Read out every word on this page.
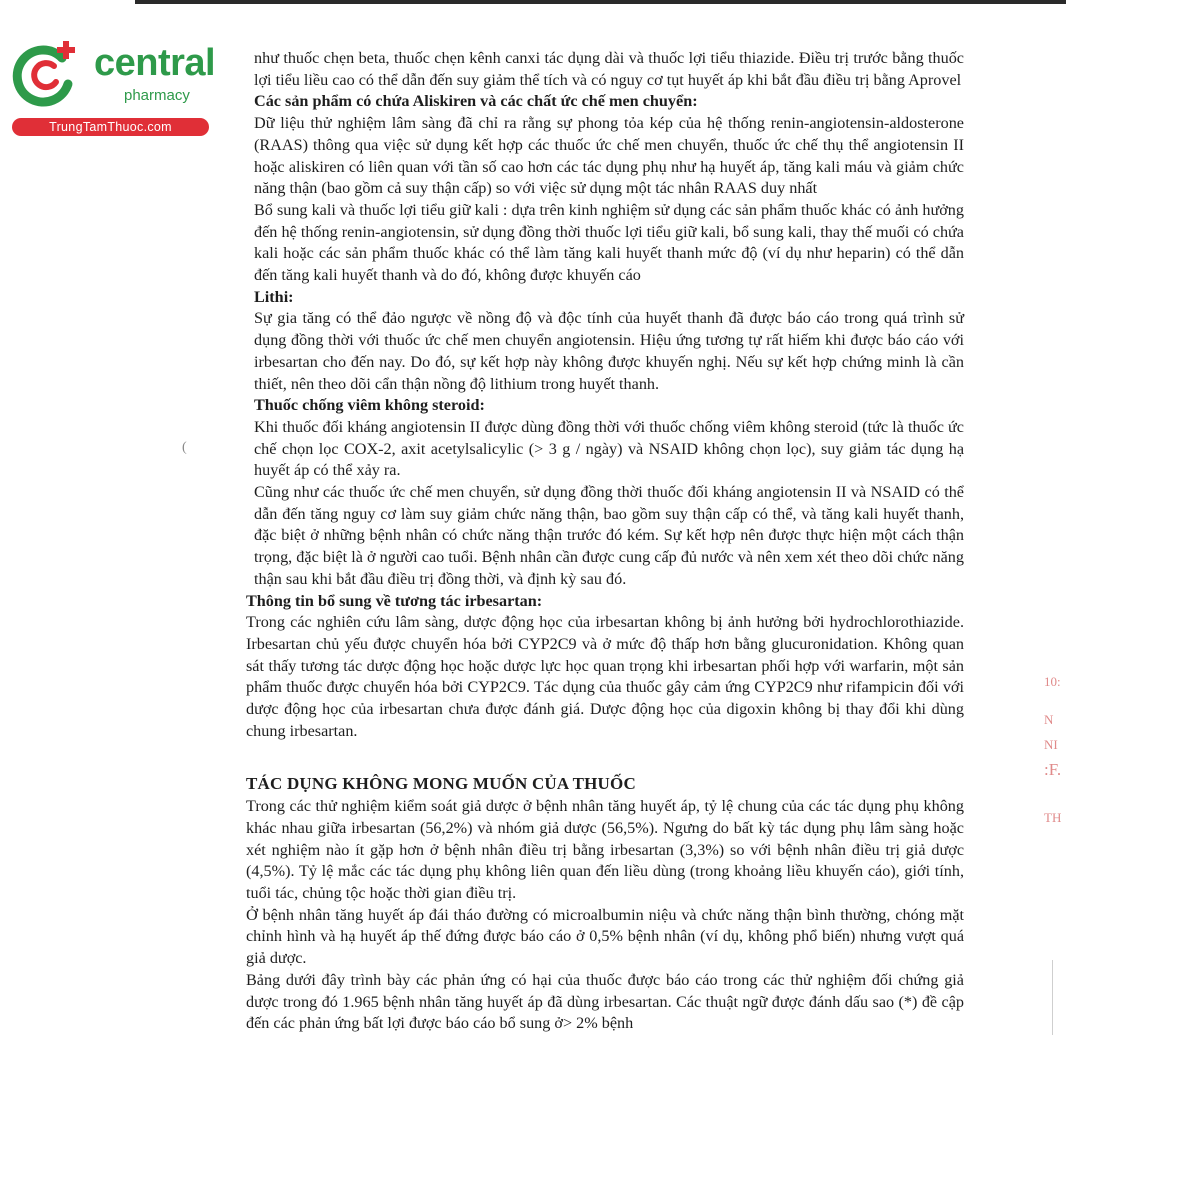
central
pharmacy
TrungTamThuoc.com

như thuốc chẹn beta, thuốc chẹn kênh canxi tác dụng dài và thuốc lợi tiểu thiazide. Điều trị trước bằng thuốc lợi tiểu liều cao có thể dẫn đến suy giảm thể tích và có nguy cơ tụt huyết áp khi bắt đầu điều trị bằng Aprovel

Các sản phẩm có chứa Aliskiren và các chất ức chế men chuyển:

Dữ liệu thử nghiệm lâm sàng đã chỉ ra rằng sự phong tỏa kép của hệ thống renin-angiotensin-aldosterone (RAAS) thông qua việc sử dụng kết hợp các thuốc ức chế men chuyển, thuốc ức chế thụ thể angiotensin II hoặc aliskiren có liên quan với tần số cao hơn các tác dụng phụ như hạ huyết áp, tăng kali máu và giảm chức năng thận (bao gồm cả suy thận cấp) so với việc sử dụng một tác nhân RAAS duy nhất

Bổ sung kali và thuốc lợi tiểu giữ kali : dựa trên kinh nghiệm sử dụng các sản phẩm thuốc khác có ảnh hưởng đến hệ thống renin-angiotensin, sử dụng đồng thời thuốc lợi tiểu giữ kali, bổ sung kali, thay thế muối có chứa kali hoặc các sản phẩm thuốc khác có thể làm tăng kali huyết thanh mức độ (ví dụ như heparin) có thể dẫn đến tăng kali huyết thanh và do đó, không được khuyến cáo

Lithi:

Sự gia tăng có thể đảo ngược về nồng độ và độc tính của huyết thanh đã được báo cáo trong quá trình sử dụng đồng thời với thuốc ức chế men chuyển angiotensin. Hiệu ứng tương tự rất hiếm khi được báo cáo với irbesartan cho đến nay. Do đó, sự kết hợp này không được khuyến nghị. Nếu sự kết hợp chứng minh là cần thiết, nên theo dõi cẩn thận nồng độ lithium trong huyết thanh.

Thuốc chống viêm không steroid:

Khi thuốc đối kháng angiotensin II được dùng đồng thời với thuốc chống viêm không steroid (tức là thuốc ức chế chọn lọc COX-2, axit acetylsalicylic (> 3 g / ngày) và NSAID không chọn lọc), suy giảm tác dụng hạ huyết áp có thể xảy ra.

Cũng như các thuốc ức chế men chuyển, sử dụng đồng thời thuốc đối kháng angiotensin II và NSAID có thể dẫn đến tăng nguy cơ làm suy giảm chức năng thận, bao gồm suy thận cấp có thể, và tăng kali huyết thanh, đặc biệt ở những bệnh nhân có chức năng thận trước đó kém. Sự kết hợp nên được thực hiện một cách thận trọng, đặc biệt là ở người cao tuổi. Bệnh nhân cần được cung cấp đủ nước và nên xem xét theo dõi chức năng thận sau khi bắt đầu điều trị đồng thời, và định kỳ sau đó.

Thông tin bổ sung về tương tác irbesartan:

Trong các nghiên cứu lâm sàng, dược động học của irbesartan không bị ảnh hưởng bởi hydrochlorothiazide. Irbesartan chủ yếu được chuyển hóa bởi CYP2C9 và ở mức độ thấp hơn bằng glucuronidation. Không quan sát thấy tương tác dược động học hoặc dược lực học quan trọng khi irbesartan phối hợp với warfarin, một sản phẩm thuốc được chuyển hóa bởi CYP2C9. Tác dụng của thuốc gây cảm ứng CYP2C9 như rifampicin đối với dược động học của irbesartan chưa được đánh giá. Dược động học của digoxin không bị thay đổi khi dùng chung irbesartan.

TÁC DỤNG KHÔNG MONG MUỐN CỦA THUỐC

Trong các thử nghiệm kiểm soát giả dược ở bệnh nhân tăng huyết áp, tỷ lệ chung của các tác dụng phụ không khác nhau giữa irbesartan (56,2%) và nhóm giả dược (56,5%). Ngưng do bất kỳ tác dụng phụ lâm sàng hoặc xét nghiệm nào ít gặp hơn ở bệnh nhân điều trị bằng irbesartan (3,3%) so với bệnh nhân điều trị giả dược (4,5%). Tỷ lệ mắc các tác dụng phụ không liên quan đến liều dùng (trong khoảng liều khuyến cáo), giới tính, tuổi tác, chủng tộc hoặc thời gian điều trị.

Ở bệnh nhân tăng huyết áp đái tháo đường có microalbumin niệu và chức năng thận bình thường, chóng mặt chỉnh hình và hạ huyết áp thế đứng được báo cáo ở 0,5% bệnh nhân (ví dụ, không phổ biến) nhưng vượt quá giả dược.

Bảng dưới đây trình bày các phản ứng có hại của thuốc được báo cáo trong các thử nghiệm đối chứng giả dược trong đó 1.965 bệnh nhân tăng huyết áp đã dùng irbesartan. Các thuật ngữ được đánh dấu sao (*) đề cập đến các phản ứng bất lợi được báo cáo bổ sung ở> 2% bệnh

(
10:
N
NI
:F.
TH
